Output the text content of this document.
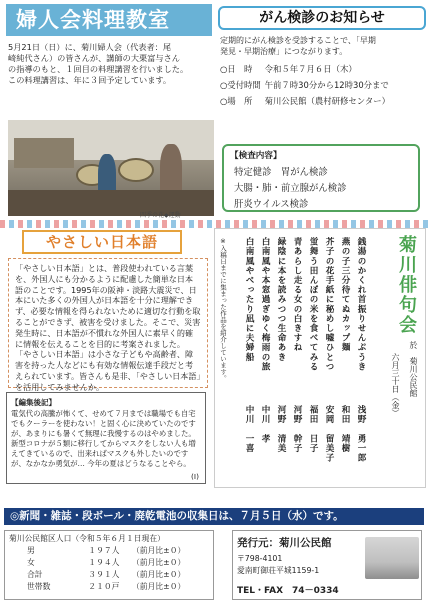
婦人会料理教室
5月21日（日）に、菊川婦人会（代表者：尾
崎純代さん）の皆さんが、講師の大栗富与さん
の指導のもと、１回目の料理講習を行いました。
この料理講習は、年に３回予定しています。
がん検診のお知らせ
定期的にがん検診を受診することで、「早期
発見・早期治療」につながります。
○日　時 令和５年７月６日（木）
○受付時間 午前７時30分から12時30分まで
○場　所 菊川公民館（農村研修センター）
【検査内容】
特定健診　胃がん検診
大腸・肺・前立腺がん検診
肝炎ウイルス検診
四季の花◆運動
やさしい日本語
「やさしい日本語」とは、普段使われている言葉を、外国人にも分かるように配慮した簡単な日本語のことです。1995年の阪神・淡路大震災で、日本にいた多くの外国人が日本語を十分に理解できず、必要な情報を得られないために適切な行動を取ることができず、被害を受けました。そこで、災害発生時に、日本語が不慣れな外国人に素早く的確に情報を伝えることを目的に考案されました。
「やさしい日本語」は小さな子どもや高齢者、障害を持った人などにも有効な情報伝達手段だと考えられています。皆さんも是非、「やさしい日本語」を活用してみませんか。
【編集後記】
電気代の高騰が怖くて、せめて７月までは職場でも自宅でもクーラーを使わない！と固く心に決めていたのですが、あまりにも暑くて無理に我慢するのはやめました。新型コロナが５類に移行してからマスクをしない人も増えてきているので、出来ればマスクも外したいのですが、なかなか勇気が… 今年の夏はどうなることやら。
(I)
菊川俳句会
於　菊川公民館
六月三十日（金）
※入稿日までに集まった作品を紹介しています。	銭湯のかくれ首振りせんぷうき
浅野　勇一郎
燕の子三分待てぬカップ麺
和田　靖樹
芥子の花手紙に秘めし嘘ひとつ
安岡　留美子
蛍舞う田んぼの米を食べてみる
福田　日子
青あらし走る女の白きすね
河野　幹子
緑陰に本を読みつつ生命あき
河野　清美
白南風や本窓過ぎゆく梅雨の旅
中川　孝
白南風やべったり凪に夫婦船
中川　一喜
◎新聞・雑誌・段ボール・廃乾電池の収集日は、７月５日（水）です。
菊川公民館区人口（令和５年６月１日現在）
男	１９７人 （前月比±０）
女	１９４人 （前月比±０）
合計	３９１人 （前月比±０）
世帯数	２１０戸 （前月比±０）
発行元：菊川公民館
〒798-4101
愛南町御荘平城1159-1
TEL・FAX　74－0334
